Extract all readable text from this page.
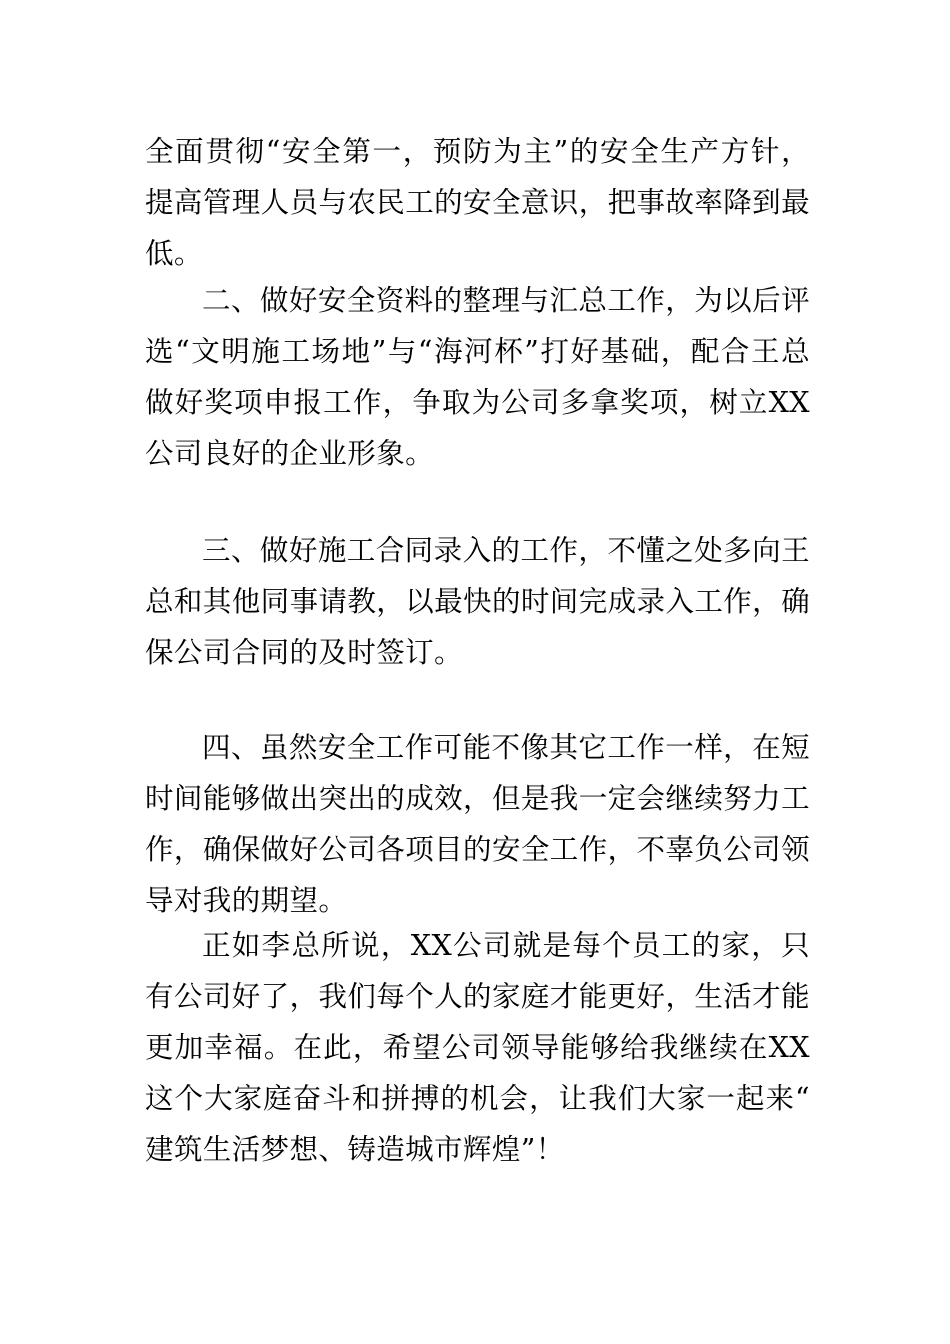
全面贯彻“安全第一，预防为主”的安全生产方针，提高管理人员与农民工的安全意识，把事故率降到最低。

二、做好安全资料的整理与汇总工作，为以后评选“文明施工场地”与“海河杯”打好基础，配合王总做好奖项申报工作，争取为公司多拿奖项，树立XX公司良好的企业形象。

三、做好施工合同录入的工作，不懂之处多向王总和其他同事请教，以最快的时间完成录入工作，确保公司合同的及时签订。

四、虽然安全工作可能不像其它工作一样，在短时间能够做出突出的成效，但是我一定会继续努力工作，确保做好公司各项目的安全工作，不辜负公司领导对我的期望。

正如李总所说，XX公司就是每个员工的家，只有公司好了，我们每个人的家庭才能更好，生活才能更加幸福。在此，希望公司领导能够给我继续在XX这个大家庭奋斗和拼搏的机会，让我们大家一起来“建筑生活梦想、铸造城市辉煌”！
